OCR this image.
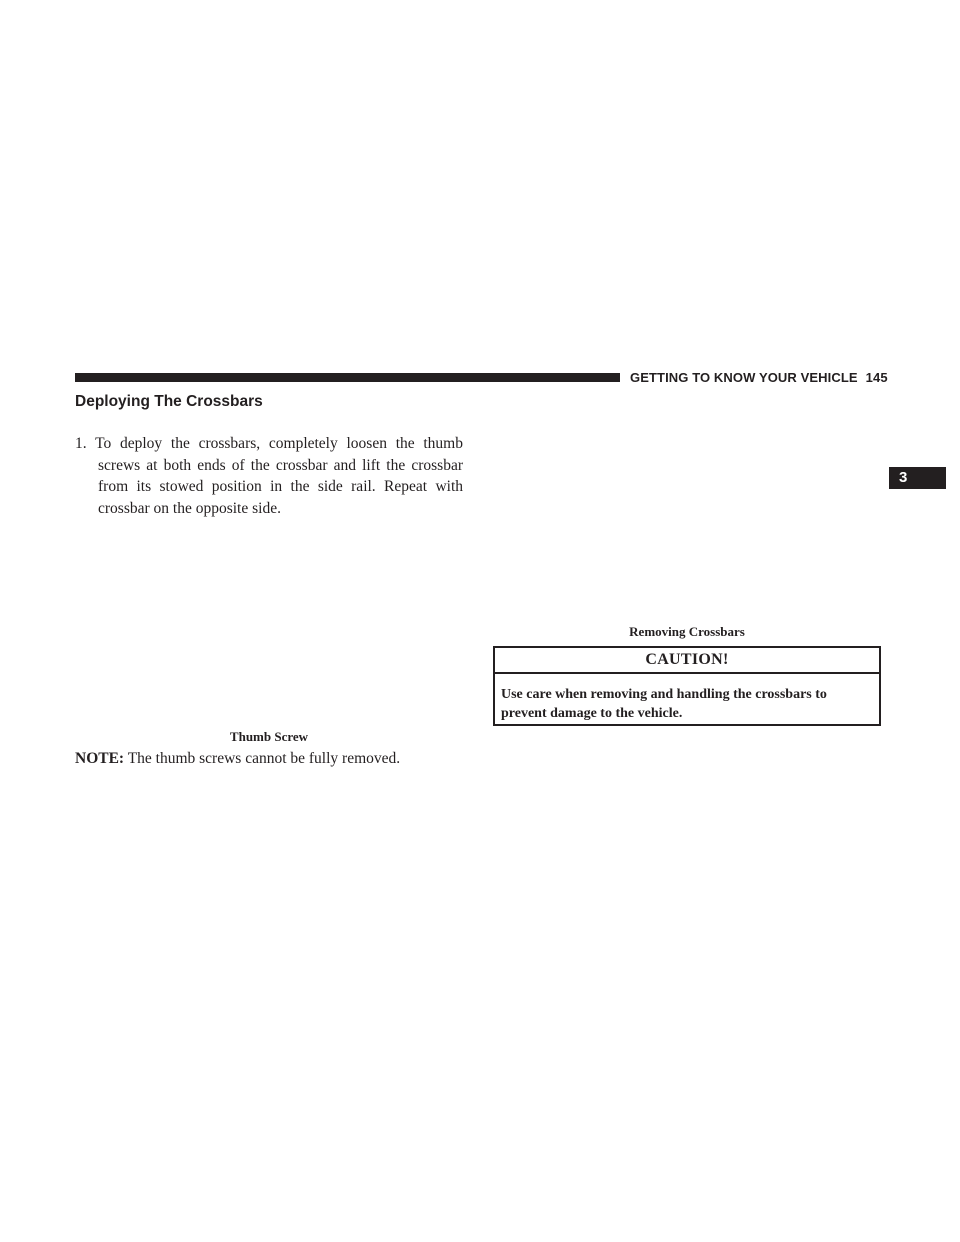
GETTING TO KNOW YOUR VEHICLE 145
3
Deploying The Crossbars
1. To deploy the crossbars, completely loosen the thumb screws at both ends of the crossbar and lift the crossbar from its stowed position in the side rail. Repeat with crossbar on the opposite side.
Thumb Screw
NOTE: The thumb screws cannot be fully removed.
Removing Crossbars
CAUTION!
Use care when removing and handling the crossbars to prevent damage to the vehicle.
